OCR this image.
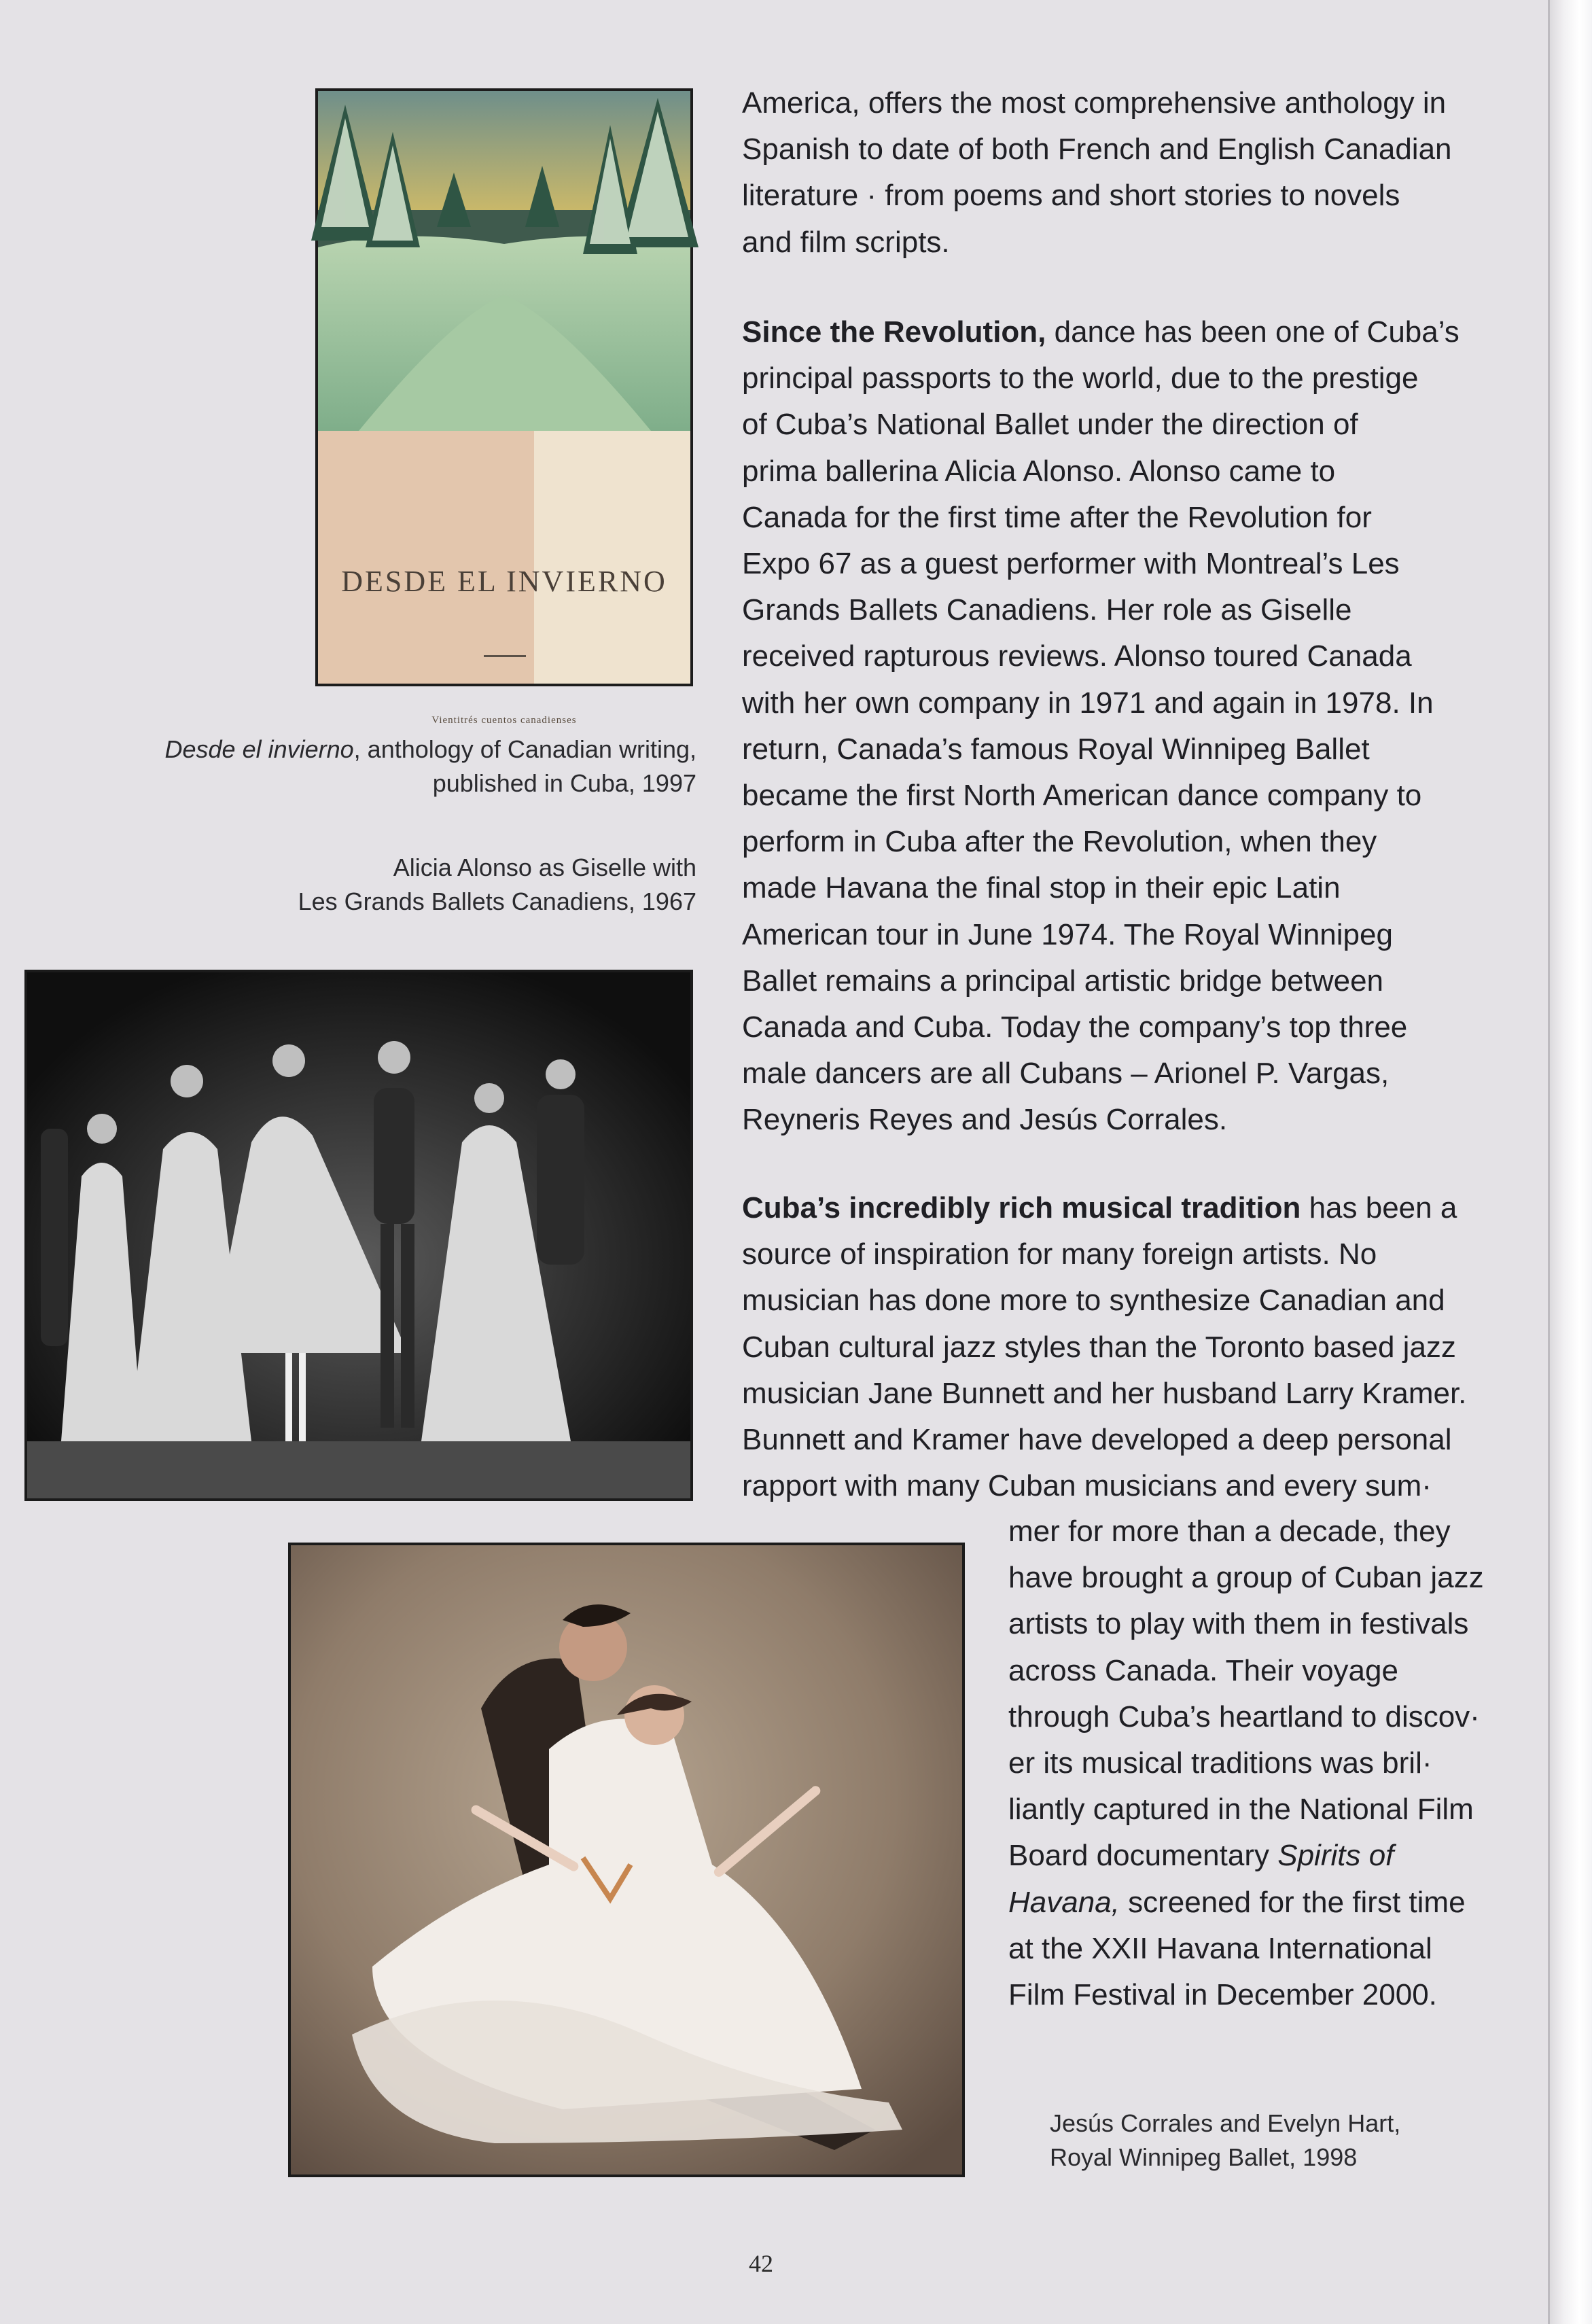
DESDE EL INVIERNO
Vientitrés cuentos canadienses
Desde el invierno, anthology of Canadian writing,
published in Cuba, 1997
Alicia Alonso as Giselle with
Les Grands Ballets Canadiens, 1967
America, offers the most comprehensive anthology in
Spanish to date of both French and English Canadian
literature · from poems and short stories to novels
and film scripts.
Since the Revolution, dance has been one of Cuba’s
principal passports to the world, due to the prestige
of Cuba’s National Ballet under the direction of
prima ballerina Alicia Alonso. Alonso came to
Canada for the first time after the Revolution for
Expo 67 as a guest performer with Montreal’s Les
Grands Ballets Canadiens. Her role as Giselle
received rapturous reviews. Alonso toured Canada
with her own company in 1971 and again in 1978. In
return, Canada’s famous Royal Winnipeg Ballet
became the first North American dance company to
perform in Cuba after the Revolution, when they
made Havana the final stop in their epic Latin
American tour in June 1974. The Royal Winnipeg
Ballet remains a principal artistic bridge between
Canada and Cuba. Today the company’s top three
male dancers are all Cubans – Arionel P. Vargas,
Reyneris Reyes and Jesús Corrales.
Cuba’s incredibly rich musical tradition has been a
source of inspiration for many foreign artists. No
musician has done more to synthesize Canadian and
Cuban cultural jazz styles than the Toronto based jazz
musician Jane Bunnett and her husband Larry Kramer.
Bunnett and Kramer have developed a deep personal
rapport with many Cuban musicians and every sum·
mer for more than a decade, they
have brought a group of Cuban jazz
artists to play with them in festivals
across Canada. Their voyage
through Cuba’s heartland to discov·
er its musical traditions was bril·
liantly captured in the National Film
Board documentary Spirits of
Havana, screened for the first time
at the XXII Havana International
Film Festival in December 2000.
Jesús Corrales and Evelyn Hart,
Royal Winnipeg Ballet, 1998
42
